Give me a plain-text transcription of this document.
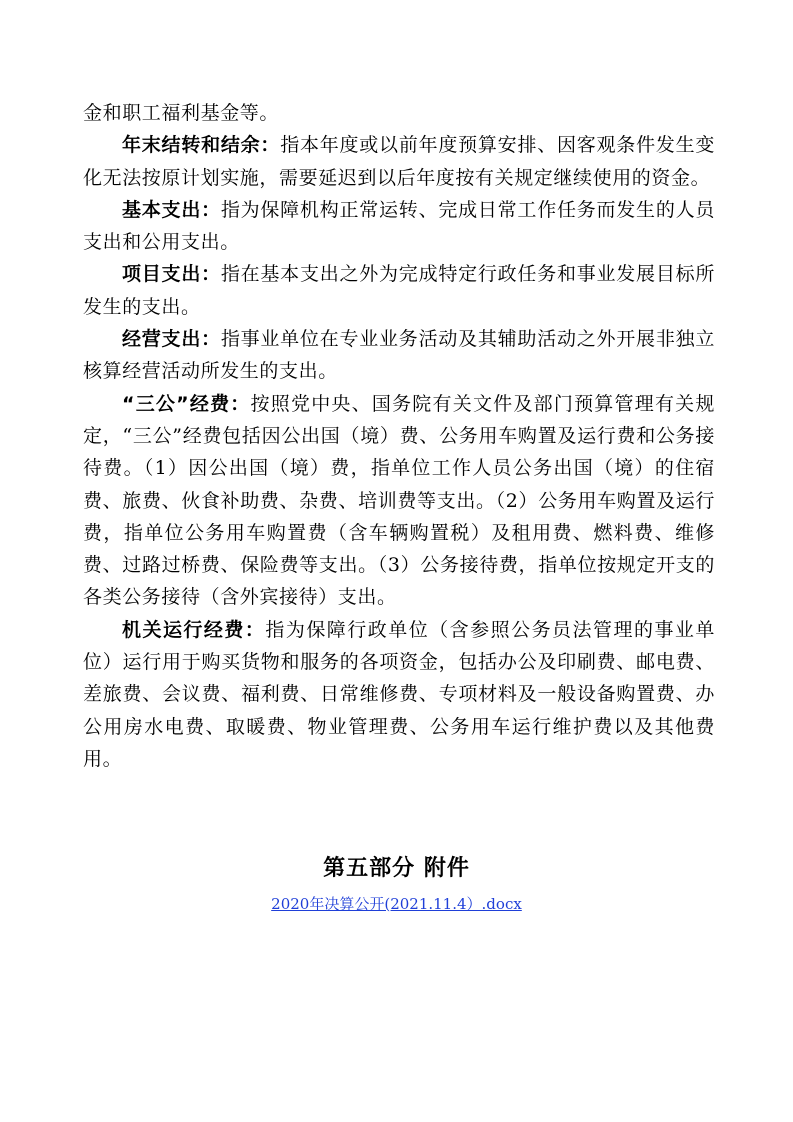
金和职工福利基金等。

年末结转和结余：指本年度或以前年度预算安排、因客观条件发生变化无法按原计划实施，需要延迟到以后年度按有关规定继续使用的资金。

基本支出：指为保障机构正常运转、完成日常工作任务而发生的人员支出和公用支出。

项目支出：指在基本支出之外为完成特定行政任务和事业发展目标所发生的支出。

经营支出：指事业单位在专业业务活动及其辅助活动之外开展非独立核算经营活动所发生的支出。

“三公”经费：按照党中央、国务院有关文件及部门预算管理有关规定，“三公”经费包括因公出国（境）费、公务用车购置及运行费和公务接待费。（1）因公出国（境）费，指单位工作人员公务出国（境）的住宿费、旅费、伙食补助费、杂费、培训费等支出。（2）公务用车购置及运行费，指单位公务用车购置费（含车辆购置税）及租用费、燃料费、维修费、过路过桥费、保险费等支出。（3）公务接待费，指单位按规定开支的各类公务接待（含外宾接待）支出。

机关运行经费：指为保障行政单位（含参照公务员法管理的事业单位）运行用于购买货物和服务的各项资金，包括办公及印刷费、邮电费、差旅费、会议费、福利费、日常维修费、专项材料及一般设备购置费、办公用房水电费、取暖费、物业管理费、公务用车运行维护费以及其他费用。

第五部分 附件
2020年决算公开(2021.11.4）.docx
